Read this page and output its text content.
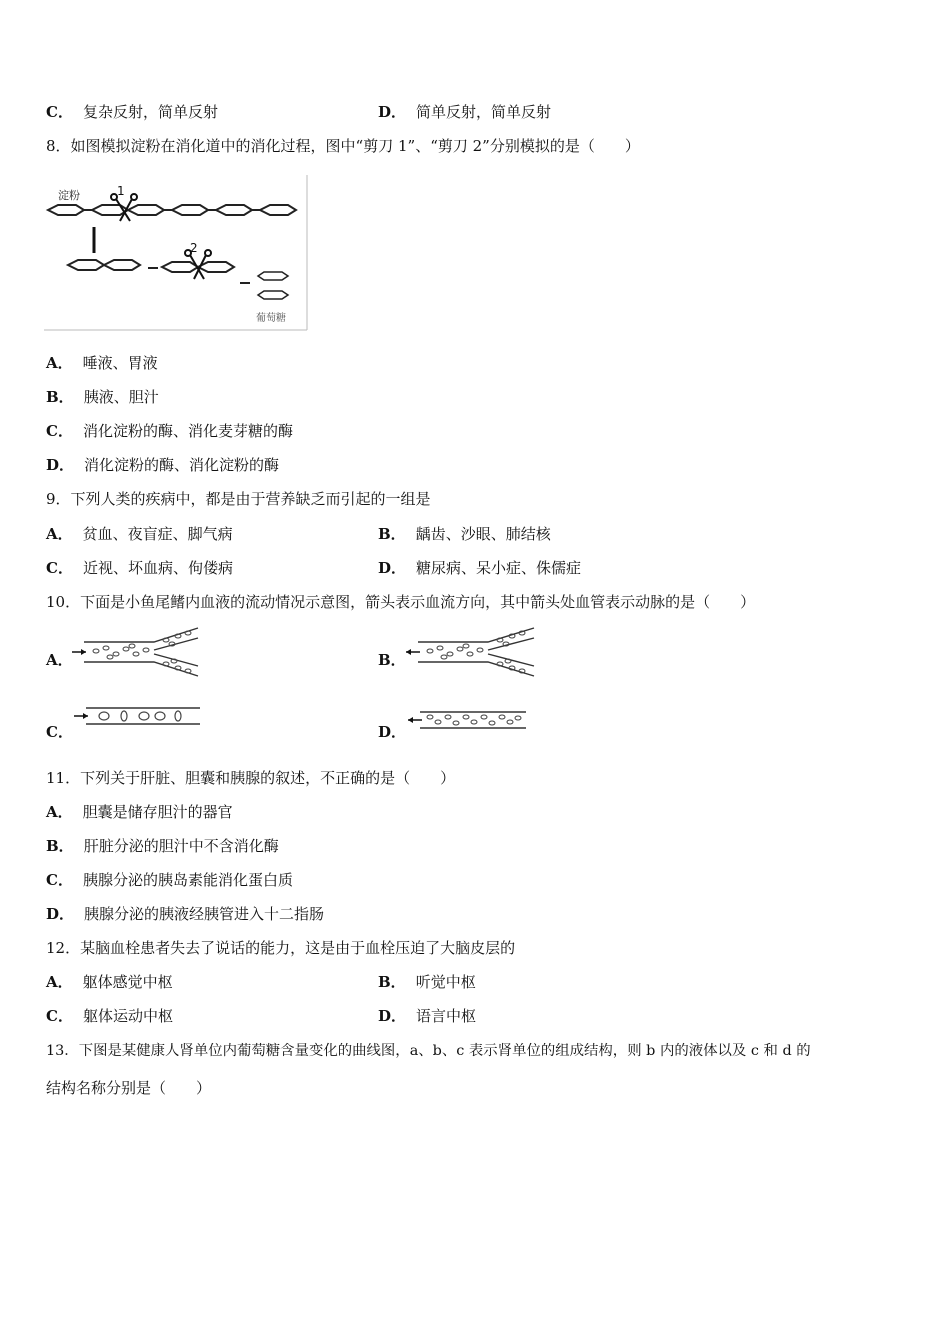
C． 复杂反射，简单反射	D． 简单反射，简单反射
8．如图模拟淀粉在消化道中的消化过程，图中“剪刀 1”、“剪刀 2”分别模拟的是（　　）
淀粉	1
2
葡萄糖
A． 唾液、胃液
B． 胰液、胆汁
C． 消化淀粉的酶、消化麦芽糖的酶
D． 消化淀粉的酶、消化淀粉的酶
9．下列人类的疾病中，都是由于营养缺乏而引起的一组是
A． 贫血、夜盲症、脚气病	B． 龋齿、沙眼、肺结核
C． 近视、坏血病、佝偻病	D． 糖尿病、呆小症、侏儒症
10．下面是小鱼尾鳍内血液的流动情况示意图，箭头表示血流方向，其中箭头处血管表示动脉的是（　　）
A．	B．
C．	D．
11．下列关于肝脏、胆囊和胰腺的叙述，不正确的是（　　）
A． 胆囊是储存胆汁的器官
B． 肝脏分泌的胆汁中不含消化酶
C． 胰腺分泌的胰岛素能消化蛋白质
D． 胰腺分泌的胰液经胰管进入十二指肠
12．某脑血栓患者失去了说话的能力，这是由于血栓压迫了大脑皮层的
A． 躯体感觉中枢	B． 听觉中枢
C． 躯体运动中枢	D． 语言中枢
13．下图是某健康人肾单位内葡萄糖含量变化的曲线图，a、b、c 表示肾单位的组成结构，则 b 内的液体以及 c 和 d 的
结构名称分别是（　　）
